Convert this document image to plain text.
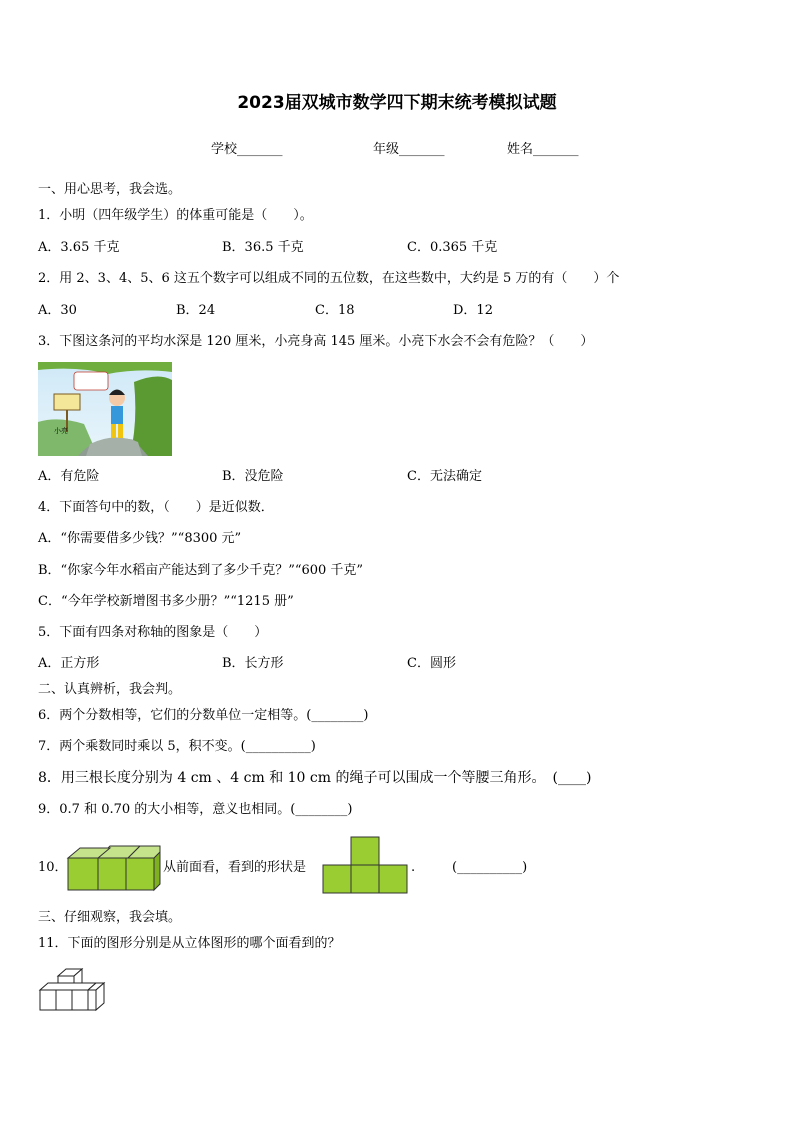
2023届双城市数学四下期末统考模拟试题
学校_______	年级_______	姓名_______
一、用心思考，我会选。
1．小明（四年级学生）的体重可能是（　　）。
A．3.65 千克	B．36.5 千克	C．0.365 千克
2．用 2、3、4、5、6 这五个数字可以组成不同的五位数，在这些数中，大约是 5 万的有（　　）个
A．30	B．24	C．18	D．12
3．下图这条河的平均水深是 120 厘米，小亮身高 145 厘米。小亮下水会不会有危险？（　　）
小亮
A．有危险	B．没危险	C．无法确定
4．下面答句中的数，（　　）是近似数．
A．“你需要借多少钱？”“8300 元”
B．“你家今年水稻亩产能达到了多少千克？”“600 千克”
C．“今年学校新增图书多少册？”“1215 册”
5．下面有四条对称轴的图象是（　　）
A．正方形	B．长方形	C．圆形
二、认真辨析，我会判。
6．两个分数相等，它们的分数单位一定相等。(________)
7．两个乘数同时乘以 5，积不变。(__________)
8．用三根长度分别为 4 cm 、4 cm 和 10 cm 的绳子可以围成一个等腰三角形。　(____)
9．0.7 和 0.70 的大小相等，意义也相同。(________)
10．	从前面看，看到的形状是	.	(__________)
三、仔细观察，我会填。
11．下面的图形分别是从立体图形的哪个面看到的？
